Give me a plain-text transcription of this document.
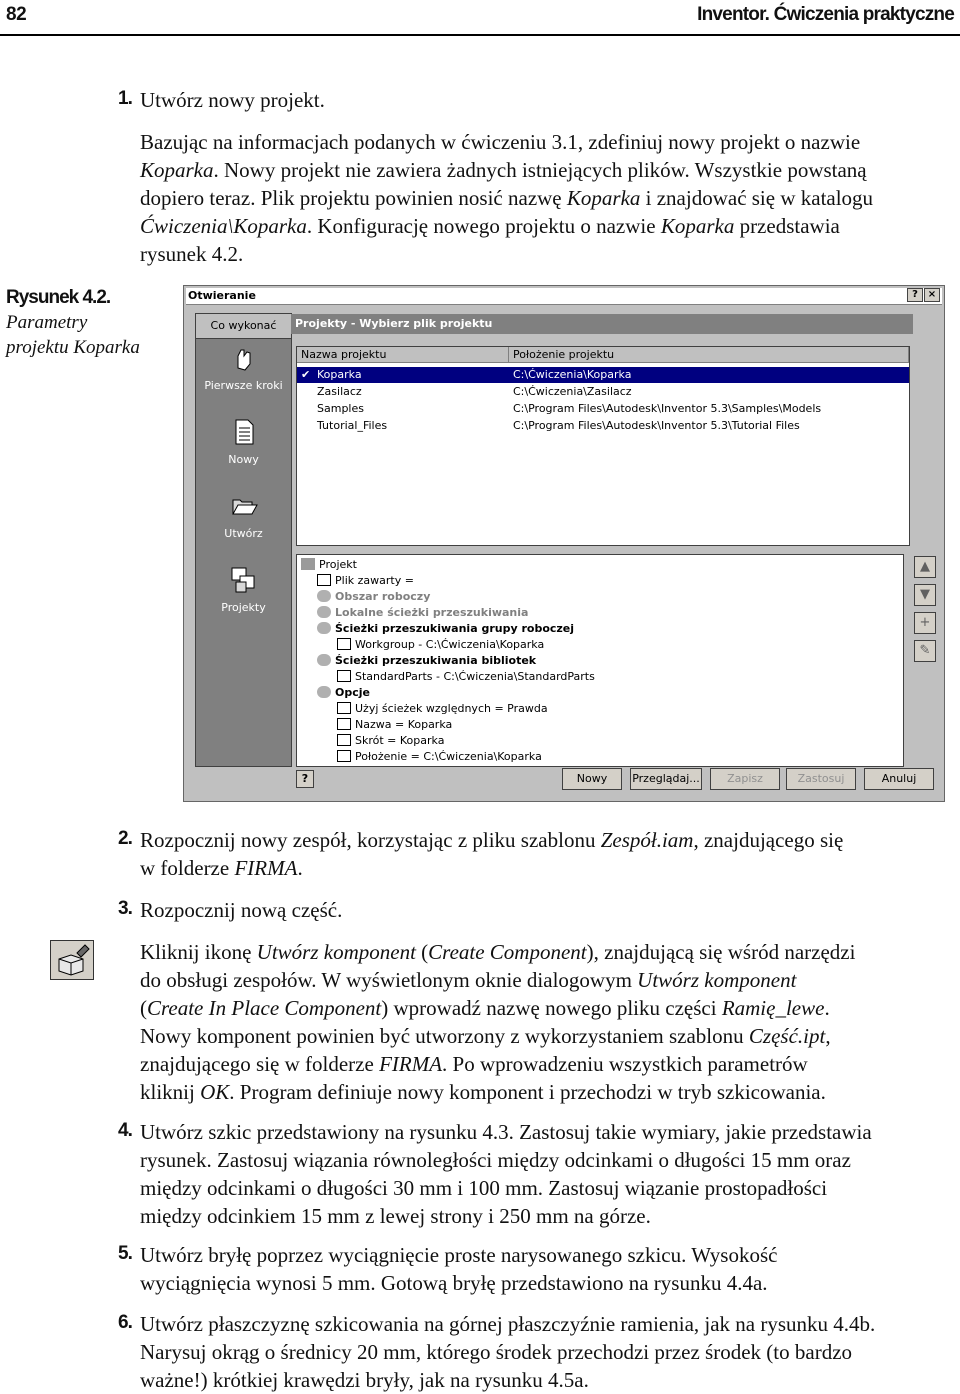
82	Inventor. Ćwiczenia praktyczne
1. Utwórz nowy projekt.
Bazując na informacjach podanych w ćwiczeniu 3.1, zdefiniuj nowy projekt o nazwie
Koparka. Nowy projekt nie zawiera żadnych istniejących plików. Wszystkie powstaną
dopiero teraz. Plik projektu powinien nosić nazwę Koparka i znajdować się w katalogu
Ćwiczenia\Koparka. Konfigurację nowego projektu o nazwie Koparka przedstawia
rysunek 4.2.
Rysunek 4.2.
Parametry
projektu Koparka
Otwieranie	? ×
Co wykonać
Pierwsze kroki
Nowy
Utwórz
Projekty
Projekty - Wybierz plik projektu
Nazwa projektu	Położenie projektu
✔ Koparka	C:\Ćwiczenia\Koparka
Zasilacz	C:\Ćwiczenia\Zasilacz
Samples	C:\Program Files\Autodesk\Inventor 5.3\Samples\Models
Tutorial_Files	C:\Program Files\Autodesk\Inventor 5.3\Tutorial Files
Projekt
Plik zawarty =
Obszar roboczy
Lokalne ścieżki przeszukiwania
Ścieżki przeszukiwania grupy roboczej
Workgroup - C:\Ćwiczenia\Koparka
Ścieżki przeszukiwania bibliotek
StandardParts - C:\Ćwiczenia\StandardParts
Opcje
Użyj ścieżek względnych = Prawda
Nazwa = Koparka
Skrót = Koparka
Położenie = C:\Ćwiczenia\Koparka
▲
▼
+
✎
?	Nowy	Przeglądaj...	Zapisz	Zastosuj	Anuluj
2. Rozpocznij nowy zespół, korzystając z pliku szablonu Zespół.iam, znajdującego się
w folderze FIRMA.
3. Rozpocznij nową część.
Kliknij ikonę Utwórz komponent (Create Component), znajdującą się wśród narzędzi
do obsługi zespołów. W wyświetlonym oknie dialogowym Utwórz komponent
(Create In Place Component) wprowadź nazwę nowego pliku części Ramię_lewe.
Nowy komponent powinien być utworzony z wykorzystaniem szablonu Część.ipt,
znajdującego się w folderze FIRMA. Po wprowadzeniu wszystkich parametrów
kliknij OK. Program definiuje nowy komponent i przechodzi w tryb szkicowania.
4. Utwórz szkic przedstawiony na rysunku 4.3. Zastosuj takie wymiary, jakie przedstawia
rysunek. Zastosuj wiązania równoległości między odcinkami o długości 15 mm oraz
między odcinkami o długości 30 mm i 100 mm. Zastosuj wiązanie prostopadłości
między odcinkiem 15 mm z lewej strony i 250 mm na górze.
5. Utwórz bryłę poprzez wyciągnięcie proste narysowanego szkicu. Wysokość
wyciągnięcia wynosi 5 mm. Gotową bryłę przedstawiono na rysunku 4.4a.
6. Utwórz płaszczyznę szkicowania na górnej płaszczyźnie ramienia, jak na rysunku 4.4b.
Narysuj okrąg o średnicy 20 mm, którego środek przechodzi przez środek (to bardzo
ważne!) krótkiej krawędzi bryły, jak na rysunku 4.5a.
